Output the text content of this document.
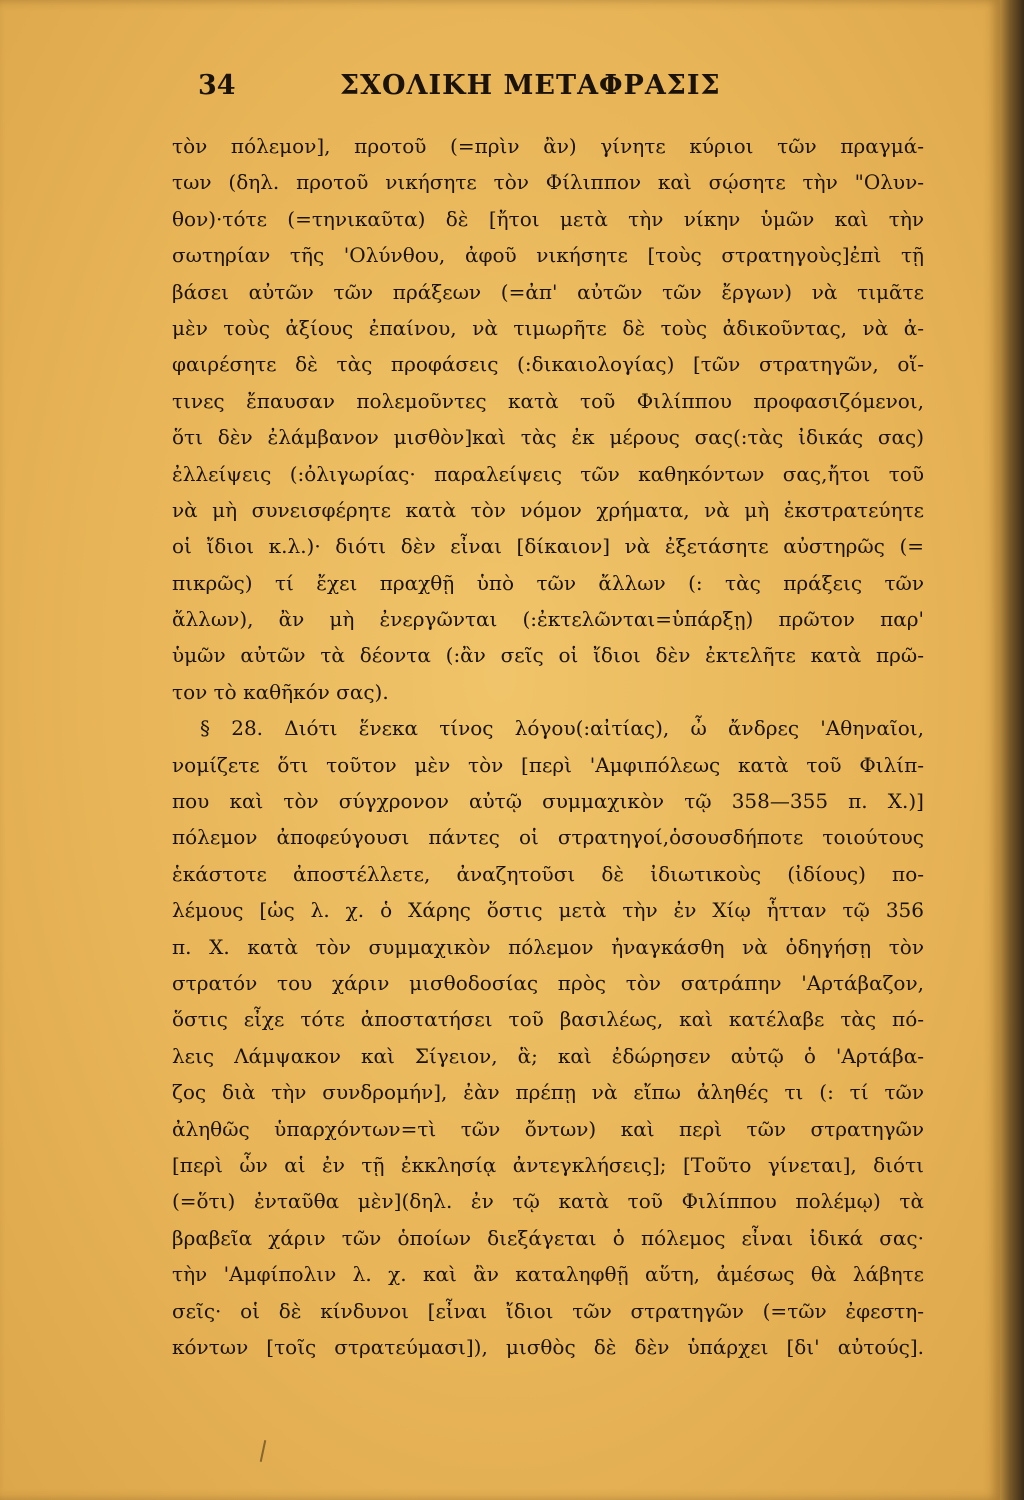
34	ΣΧΟΛΙΚΗ ΜΕΤΑΦΡΑΣΙΣ
τὸν πόλεμον], πρoτοῦ (=πρὶν ἂν) γίνητε κύριοι τῶν πραγμά-
των (δηλ. πρoτοῦ νικήσητε τὸν Φίλιππον καὶ σῴσητε τὴν "Ολυν-
θον)·τότε (=τηνικαῦτα) δὲ [ἤτοι μετὰ τὴν νίκην ὑμῶν καὶ τὴν
σωτηρίαν τῆς 'Ολύνθου, ἀφοῦ νικήσητε [τοὺς στρατηγοὺς]ἐπὶ τῇ
βάσει αὐτῶν τῶν πράξεων (=ἀπ' αὐτῶν τῶν ἔργων) νὰ τιμᾶτε
μὲν τοὺς ἀξίους ἐπαίνου, νὰ τιμωρῆτε δὲ τοὺς ἀδικοῦντας, νὰ ἀ-
φαιρέσητε δὲ τὰς προφάσεις (:δικαιολογίας) [τῶν στρατηγῶν, οἵ-
τινες ἔπαυσαν πολεμοῦντες κατὰ τοῦ Φιλίππου προφασιζόμενοι,
ὅτι δὲν ἐλάμβανον μισθὸν]καὶ τὰς ἐκ μέρους σας(:τὰς ἰδικάς σας)
ἐλλείψεις (:ὀλιγωρίας· παραλείψεις τῶν καθηκόντων σας,ἤτοι τοῦ
νὰ μὴ συνεισφέρητε κατὰ τὸν νόμον χρήματα, νὰ μὴ ἐκστρατεύητε
οἱ ἴδιοι κ.λ.)· διότι δὲν εἶναι [δίκαιον] νὰ ἐξετάσητε αὐστηρῶς (=
πικρῶς) τί ἔχει πραχθῇ ὑπὸ τῶν ἄλλων (: τὰς πράξεις τῶν
ἄλλων), ἂν μὴ ἐνεργῶνται (:ἐκτελῶνται=ὑπάρξῃ) πρῶτον παρ'
ὑμῶν αὐτῶν τὰ δέοντα (:ἂν σεῖς οἱ ἴδιοι δὲν ἐκτελῆτε κατὰ πρῶ-
τον τὸ καθῆκόν σας).
§ 28. Διότι ἕνεκα τίνος λόγου(:αἰτίας), ὦ ἄνδρες 'Αθηναῖοι,
νομίζετε ὅτι τοῦτον μὲν τὸν [περὶ 'Αμφιπόλεως κατὰ τοῦ Φιλίπ-
που καὶ τὸν σύγχρονον αὐτῷ συμμαχικὸν τῷ 358—355 π. Χ.)]
πόλεμον ἀποφεύγουσι πάντες οἱ στρατηγοί,ὁσουσδήποτε τοιούτους
ἑκάστοτε ἀποστέλλετε, ἀναζητοῦσι δὲ ἰδιωτικοὺς (ἰδίους) πο-
λέμους [ὡς λ. χ. ὁ Χάρης ὅστις μετὰ τὴν ἐν Χίῳ ἧτταν τῷ 356
π. Χ. κατὰ τὸν συμμαχικὸν πόλεμον ἠναγκάσθη νὰ ὁδηγήσῃ τὸν
στρατόν του χάριν μισθοδοσίας πρὸς τὸν σατράπην 'Αρτάβαζον,
ὅστις εἶχε τότε ἀποστατήσει τοῦ βασιλέως, καὶ κατέλαβε τὰς πό-
λεις Λάμψακον καὶ Σίγειον, ἃ; καὶ ἐδώρησεν αὐτῷ ὁ 'Αρτάβα-
ζος διὰ τὴν συνδρομήν], ἐὰν πρέπῃ νὰ εἴπω ἀληθές τι (: τί τῶν
ἀληθῶς ὑπαρχόντων=τὶ τῶν ὄντων) καὶ περὶ τῶν στρατηγῶν
[περὶ ὧν αἱ ἐν τῇ ἐκκλησίᾳ ἀντεγκλήσεις]; [Τοῦτο γίνεται], διότι
(=ὅτι) ἐνταῦθα μὲν](δηλ. ἐν τῷ κατὰ τοῦ Φιλίππου πολέμῳ) τὰ
βραβεῖα χάριν τῶν ὁποίων διεξάγεται ὁ πόλεμος εἶναι ἰδικά σας·
τὴν 'Αμφίπολιν λ. χ. καὶ ἂν καταληφθῇ αὕτη, ἀμέσως θὰ λάβητε
σεῖς· οἱ δὲ κίνδυνοι [εἶναι ἴδιοι τῶν στρατηγῶν (=τῶν ἐφεστη-
κόντων [τοῖς στρατεύμασι]), μισθὸς δὲ δὲν ὑπάρχει [δι' αὐτούς].
